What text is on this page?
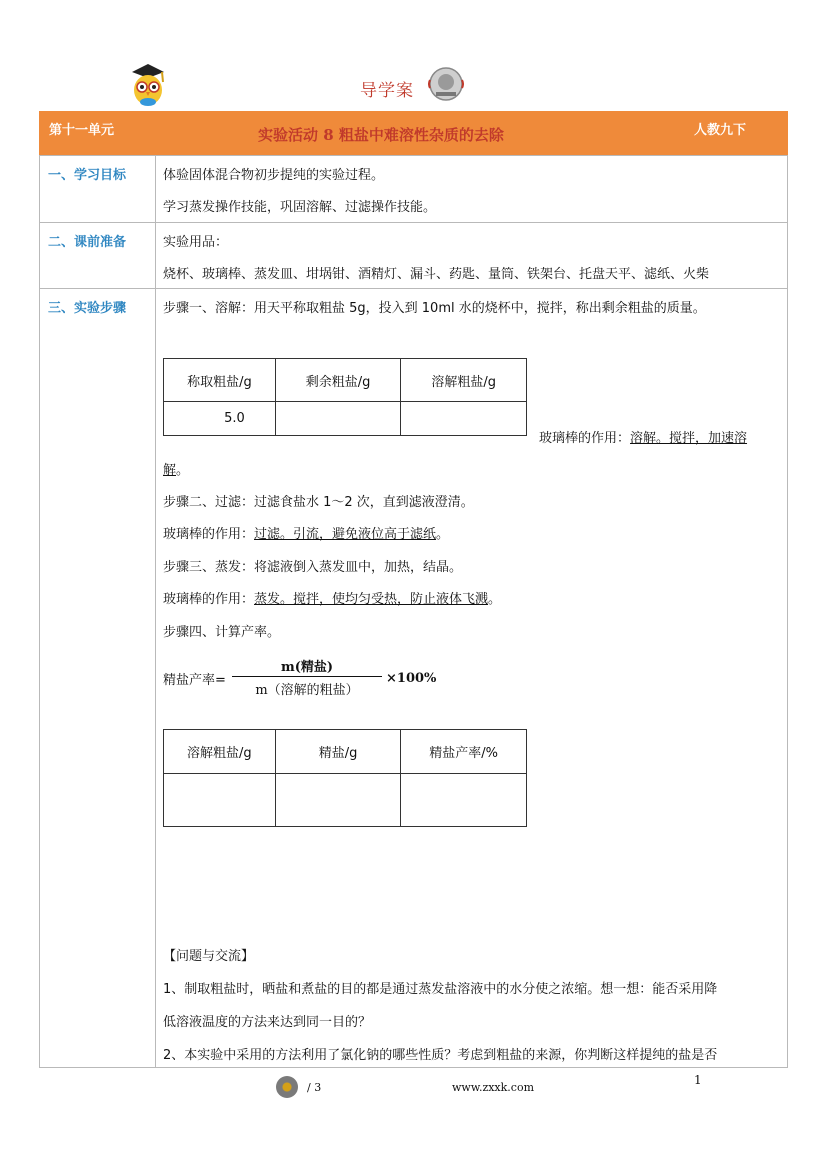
导学案
第十一单元	实验活动 8 粗盐中难溶性杂质的去除	人教九下
一、学习目标	体验固体混合物初步提纯的实验过程。
学习蒸发操作技能，巩固溶解、过滤操作技能。
二、课前准备	实验用品：
烧杯、玻璃棒、蒸发皿、坩埚钳、酒精灯、漏斗、药匙、量筒、铁架台、托盘天平、滤纸、火柴
三、实验步骤	步骤一、溶解：用天平称取粗盐 5g，投入到 10ml 水的烧杯中，搅拌，称出剩余粗盐的质量。
称取粗盐/g	剩余粗盐/g	溶解粗盐/g
5.0		
玻璃棒的作用：溶解。搅拌，加速溶
解。
步骤二、过滤：过滤食盐水 1～2 次，直到滤液澄清。
玻璃棒的作用：过滤。引流，避免液位高于滤纸。
步骤三、蒸发：将滤液倒入蒸发皿中，加热，结晶。
玻璃棒的作用：蒸发。搅拌，使均匀受热，防止液体飞溅。
步骤四、计算产率。
精盐产率=
m(精盐)
m（溶解的粗盐）
×100%
溶解粗盐/g	精盐/g	精盐产率/%

【问题与交流】
1、制取粗盐时，晒盐和煮盐的目的都是通过蒸发盐溶液中的水分使之浓缩。想一想：能否采用降
低溶液温度的方法来达到同一目的？
2、本实验中采用的方法利用了氯化钠的哪些性质？考虑到粗盐的来源，你判断这样提纯的盐是否
/ 3	www.zxxk.com
1
